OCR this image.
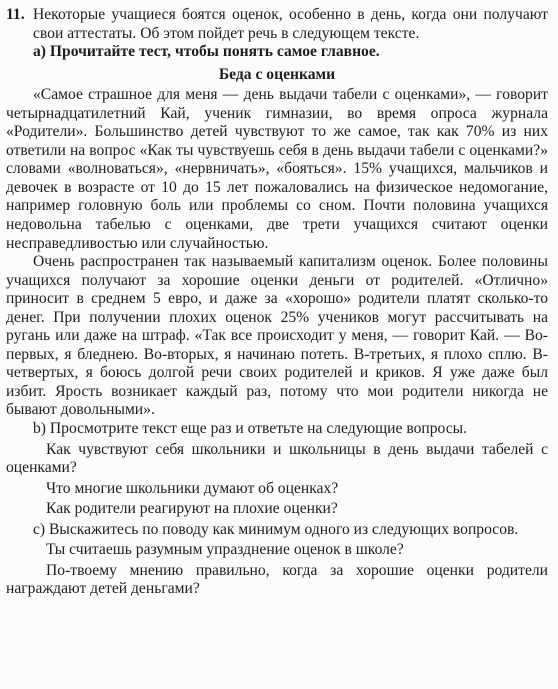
11. Некоторые учащиеся боятся оценок, особенно в день, когда они получают свои аттестаты. Об этом пойдет речь в следующем тексте.
а) Прочитайте тест, чтобы понять самое главное.
Беда с оценками

«Самое страшное для меня — день выдачи табели с оценками», — говорит четырнадцатилетний Кай, ученик гимназии, во время опроса журнала «Родители». Большинство детей чувствуют то же самое, так как 70% из них ответили на вопрос «Как ты чувствуешь себя в день выдачи табели с оценками?» словами «волноваться», «нервничать», «бояться». 15% учащихся, мальчиков и девочек в возрасте от 10 до 15 лет пожаловались на физическое недомогание, например головную боль или проблемы со сном. Почти половина учащихся недовольна табелью с оценками, две трети учащихся считают оценки несправедливостью или случайностью.

Очень распространен так называемый капитализм оценок. Более половины учащихся получают за хорошие оценки деньги от родителей. «Отлично» приносит в среднем 5 евро, и даже за «хорошо» родители платят сколько-то денег. При получении плохих оценок 25% учеников могут рассчитывать на ругань или даже на штраф. «Так все происходит у меня, — говорит Кай. — Во-первых, я бледнею. Во-вторых, я начинаю потеть. В-третьих, я плохо сплю. В-четвертых, я боюсь долгой речи своих родителей и криков. Я уже даже был избит. Ярость возникает каждый раз, потому что мои родители никогда не бывают довольными».

b) Просмотрите текст еще раз и ответьте на следующие вопросы.

Как чувствуют себя школьники и школьницы в день выдачи табелей с оценками?

Что многие школьники думают об оценках?

Как родители реагируют на плохие оценки?

с) Выскажитесь по поводу как минимум одного из следующих вопросов.

Ты считаешь разумным упразднение оценок в школе?

По-твоему мнению правильно, когда за хорошие оценки родители награждают детей деньгами?
